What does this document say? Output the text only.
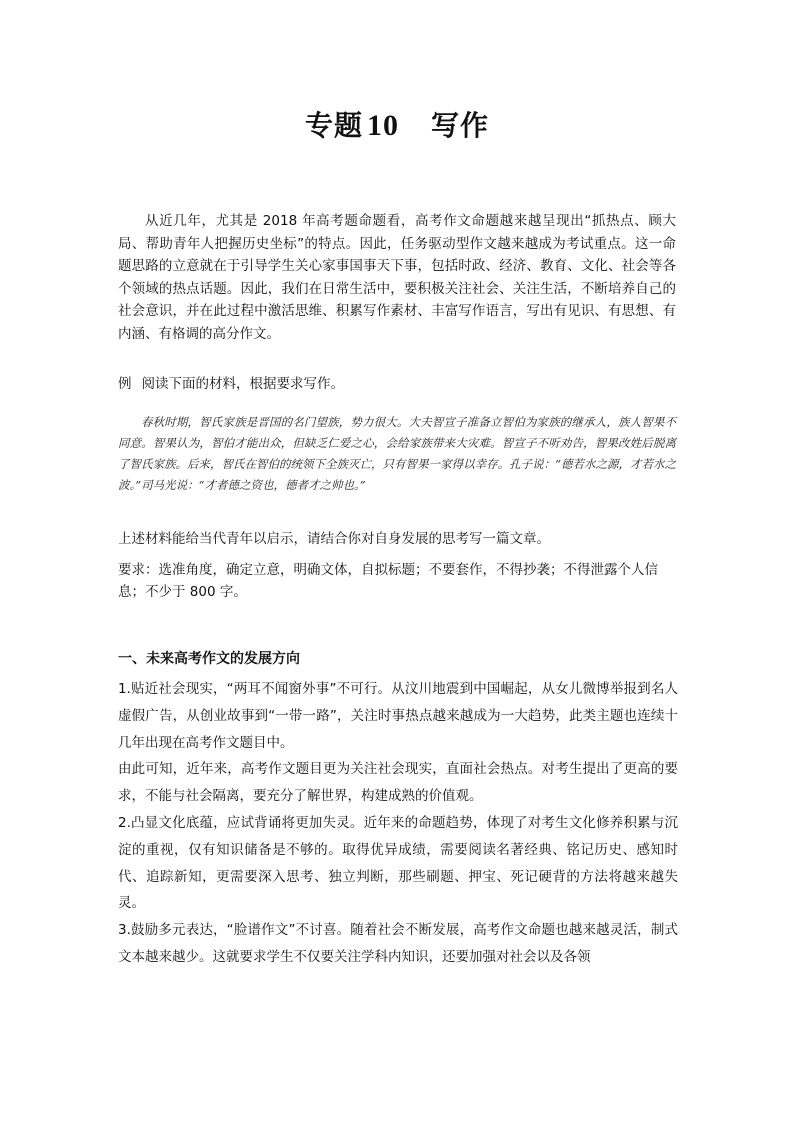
专题 10 写作

从近几年，尤其是 2018 年高考题命题看，高考作文命题越来越呈现出“抓热点、顾大局、帮助青年人把握历史坐标”的特点。因此，任务驱动型作文越来越成为考试重点。这一命题思路的立意就在于引导学生关心家事国事天下事，包括时政、经济、教育、文化、社会等各个领域的热点话题。因此，我们在日常生活中，要积极关注社会、关注生活，不断培养自己的社会意识，并在此过程中激活思维、积累写作素材、丰富写作语言，写出有见识、有思想、有内涵、有格调的高分作文。

例 阅读下面的材料，根据要求写作。

春秋时期，智氏家族是晋国的名门望族，势力很大。大夫智宣子准备立智伯为家族的继承人，族人智果不同意。智果认为，智伯才能出众，但缺乏仁爱之心，会给家族带来大灾难。智宣子不听劝告，智果改姓后脱离了智氏家族。后来，智氏在智伯的统领下全族灭亡，只有智果一家得以幸存。孔子说：“德若水之源，才若水之波。”司马光说：“才者德之资也，德者才之帅也。”

上述材料能给当代青年以启示，请结合你对自身发展的思考写一篇文章。
要求：选准角度，确定立意，明确文体，自拟标题；不要套作，不得抄袭；不得泄露个人信息；不少于 800 字。
一、未来高考作文的发展方向

1.贴近社会现实，“两耳不闻窗外事”不可行。从汶川地震到中国崛起，从女儿微博举报到名人虚假广告，从创业故事到“一带一路”，关注时事热点越来越成为一大趋势，此类主题也连续十几年出现在高考作文题目中。

由此可知，近年来，高考作文题目更为关注社会现实，直面社会热点。对考生提出了更高的要求，不能与社会隔离，要充分了解世界，构建成熟的价值观。

2.凸显文化底蕴，应试背诵将更加失灵。近年来的命题趋势，体现了对考生文化修养积累与沉淀的重视，仅有知识储备是不够的。取得优异成绩，需要阅读名著经典、铭记历史、感知时代、追踪新知，更需要深入思考、独立判断，那些刷题、押宝、死记硬背的方法将越来越失灵。

3.鼓励多元表达，“脸谱作文”不讨喜。随着社会不断发展，高考作文命题也越来越灵活，制式文本越来越少。这就要求学生不仅要关注学科内知识，还要加强对社会以及各领
